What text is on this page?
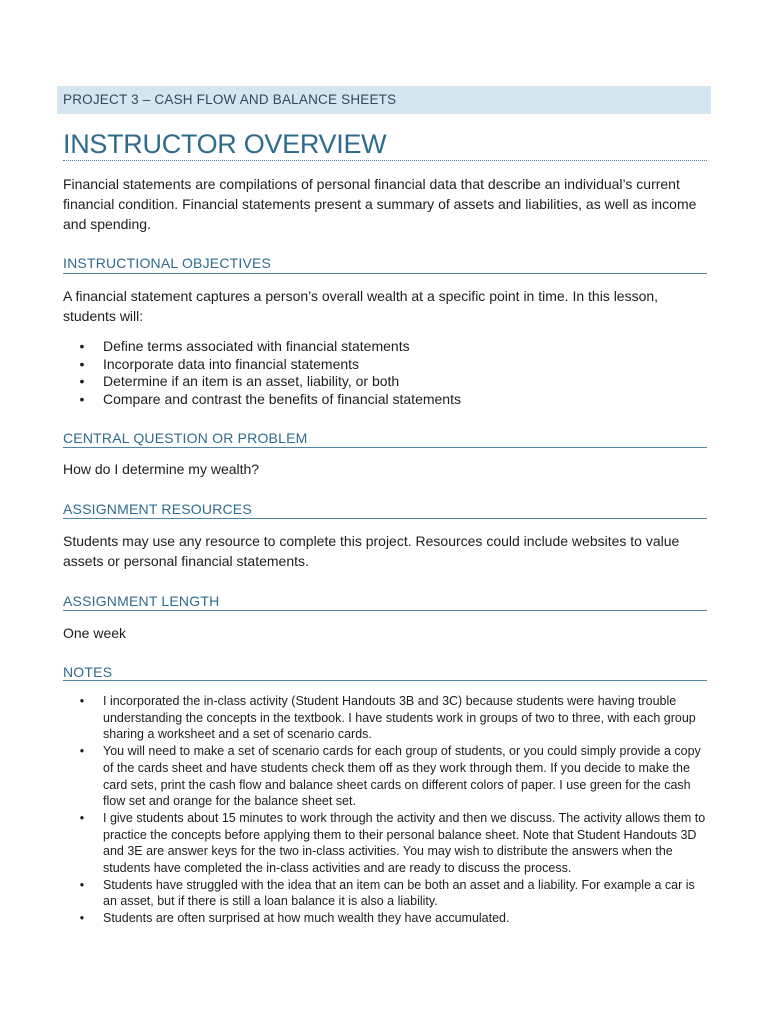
PROJECT 3 – CASH FLOW AND BALANCE SHEETS
INSTRUCTOR OVERVIEW

Financial statements are compilations of personal financial data that describe an individual’s current financial condition. Financial statements present a summary of assets and liabilities, as well as income and spending.

INSTRUCTIONAL OBJECTIVES

A financial statement captures a person’s overall wealth at a specific point in time. In this lesson, students will:

• Define terms associated with financial statements
• Incorporate data into financial statements
• Determine if an item is an asset, liability, or both
• Compare and contrast the benefits of financial statements
CENTRAL QUESTION OR PROBLEM

How do I determine my wealth?

ASSIGNMENT RESOURCES

Students may use any resource to complete this project. Resources could include websites to value assets or personal financial statements.

ASSIGNMENT LENGTH

One week

NOTES
• I incorporated the in-class activity (Student Handouts 3B and 3C) because students were having trouble understanding the concepts in the textbook. I have students work in groups of two to three, with each group sharing a worksheet and a set of scenario cards.
• You will need to make a set of scenario cards for each group of students, or you could simply provide a copy of the cards sheet and have students check them off as they work through them. If you decide to make the card sets, print the cash flow and balance sheet cards on different colors of paper. I use green for the cash flow set and orange for the balance sheet set.
• I give students about 15 minutes to work through the activity and then we discuss. The activity allows them to practice the concepts before applying them to their personal balance sheet. Note that Student Handouts 3D and 3E are answer keys for the two in-class activities. You may wish to distribute the answers when the students have completed the in-class activities and are ready to discuss the process.
• Students have struggled with the idea that an item can be both an asset and a liability. For example a car is an asset, but if there is still a loan balance it is also a liability.
• Students are often surprised at how much wealth they have accumulated.
